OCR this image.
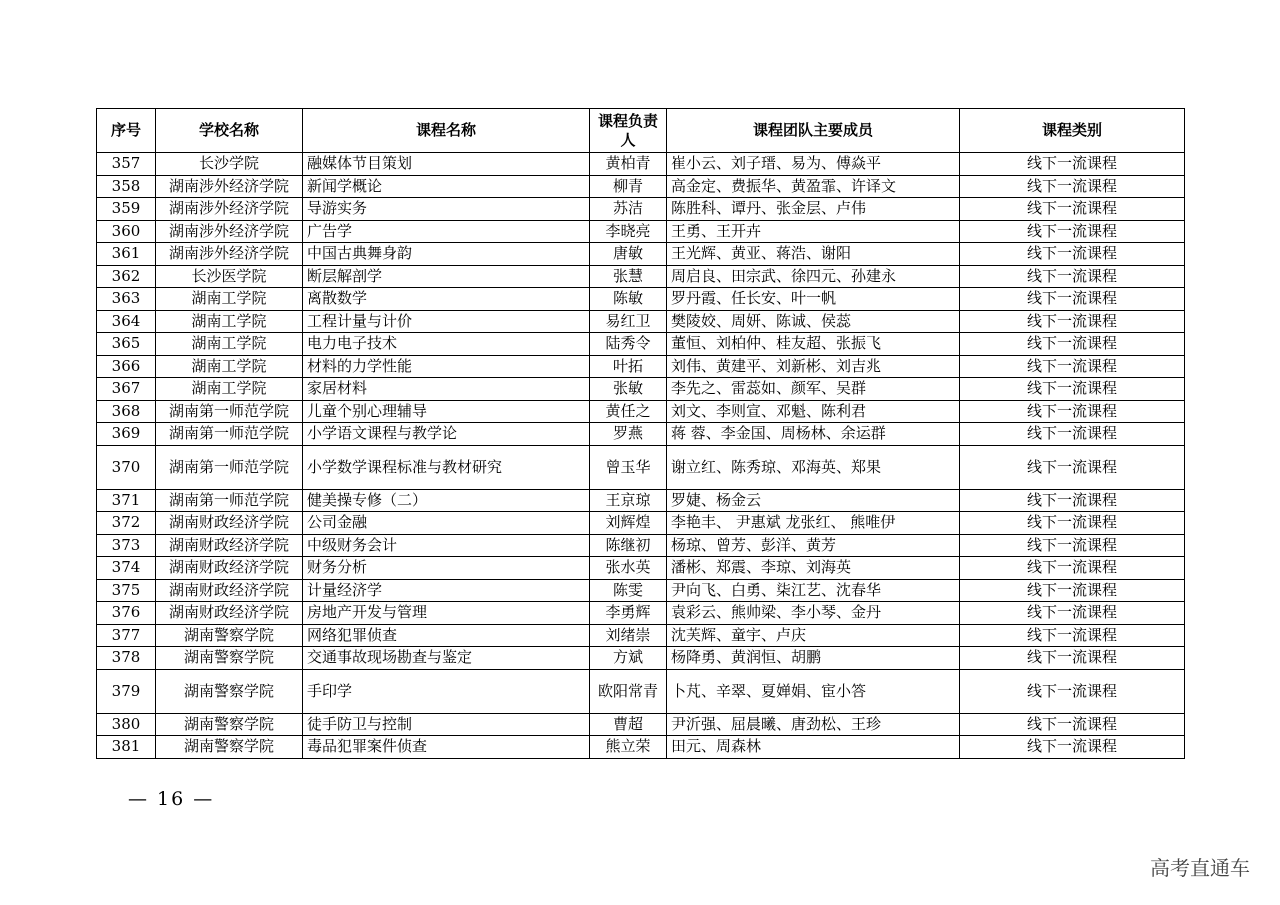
序号	学校名称	课程名称	课程负责人	课程团队主要成员	课程类别
357	长沙学院	融媒体节目策划	黄柏青	崔小云、刘子瑨、易为、傅焱平	线下一流课程
358	湖南涉外经济学院	新闻学概论	柳青	高金定、费振华、黄盈霏、许译文	线下一流课程
359	湖南涉外经济学院	导游实务	苏洁	陈胜科、谭丹、张金层、卢伟	线下一流课程
360	湖南涉外经济学院	广告学	李晓亮	王勇、王开卉	线下一流课程
361	湖南涉外经济学院	中国古典舞身韵	唐敏	王光辉、黄亚、蒋浩、谢阳	线下一流课程
362	长沙医学院	断层解剖学	张慧	周启良、田宗武、徐四元、孙建永	线下一流课程
363	湖南工学院	离散数学	陈敏	罗丹霞、任长安、叶一帆	线下一流课程
364	湖南工学院	工程计量与计价	易红卫	樊陵姣、周妍、陈诚、侯蕊	线下一流课程
365	湖南工学院	电力电子技术	陆秀令	董恒、刘柏仲、桂友超、张振飞	线下一流课程
366	湖南工学院	材料的力学性能	叶拓	刘伟、黄建平、刘新彬、刘吉兆	线下一流课程
367	湖南工学院	家居材料	张敏	李先之、雷蕊如、颜军、吴群	线下一流课程
368	湖南第一师范学院	儿童个别心理辅导	黄任之	刘文、李则宣、邓魁、陈利君	线下一流课程
369	湖南第一师范学院	小学语文课程与教学论	罗燕	蒋 蓉、李金国、周杨林、余运群	线下一流课程
370	湖南第一师范学院	小学数学课程标准与教材研究	曾玉华	谢立红、陈秀琼、邓海英、郑果	线下一流课程
371	湖南第一师范学院	健美操专修（二）	王京琼	罗婕、杨金云	线下一流课程
372	湖南财政经济学院	公司金融	刘辉煌	李艳丰、 尹惠斌 龙张红、 熊唯伊	线下一流课程
373	湖南财政经济学院	中级财务会计	陈继初	杨琼、曾芳、彭洋、黄芳	线下一流课程
374	湖南财政经济学院	财务分析	张水英	潘彬、郑震、李琼、刘海英	线下一流课程
375	湖南财政经济学院	计量经济学	陈雯	尹向飞、白勇、柒江艺、沈春华	线下一流课程
376	湖南财政经济学院	房地产开发与管理	李勇辉	袁彩云、熊帅梁、李小琴、金丹	线下一流课程
377	湖南警察学院	网络犯罪侦查	刘绪崇	沈芙辉、童宇、卢庆	线下一流课程
378	湖南警察学院	交通事故现场勘查与鉴定	方斌	杨降勇、黄润恒、胡鹏	线下一流课程
379	湖南警察学院	手印学	欧阳常青	卜芃、辛翠、夏婵娟、宦小答	线下一流课程
380	湖南警察学院	徒手防卫与控制	曹超	尹沂强、屈晨曦、唐劲松、王珍	线下一流课程
381	湖南警察学院	毒品犯罪案件侦查	熊立荣	田元、周森林	线下一流课程
— 16 —
高考直通车
